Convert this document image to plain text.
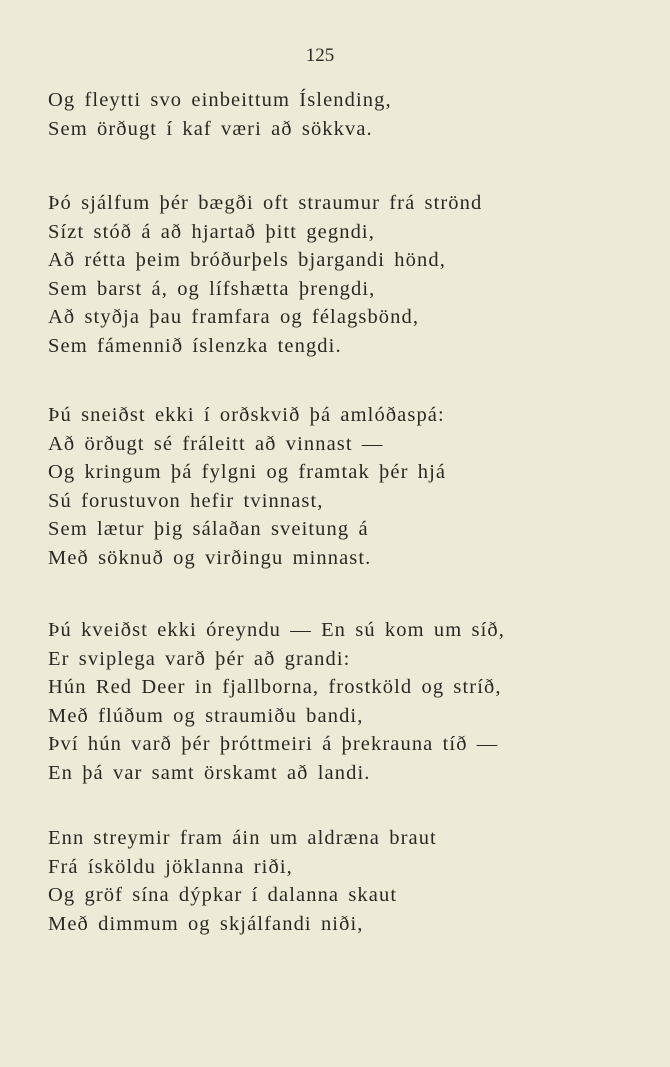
125
Og fleytti svo einbeittum Íslending,
Sem örðugt í kaf væri að sökkva.
Þó sjálfum þér bægði oft straumur frá strönd
Sízt stóð á að hjartað þitt gegndi,
Að rétta þeim bróðurþels bjargandi hönd,
Sem barst á, og lífshætta þrengdi,
Að styðja þau framfara og félagsbönd,
Sem fámennið íslenzka tengdi.
Þú sneiðst ekki í orðskvið þá amlóðaspá:
Að örðugt sé fráleitt að vinnast —
Og kringum þá fylgni og framtak þér hjá
Sú forustuvon hefir tvinnast,
Sem lætur þig sálaðan sveitung á
Með söknuð og virðingu minnast.
Þú kveiðst ekki óreyndu — En sú kom um síð,
Er sviplega varð þér að grandi:
Hún Red Deer in fjallborna, frostköld og stríð,
Með flúðum og straumiðu bandi,
Því hún varð þér þróttmeiri á þrekrauna tíð —
En þá var samt örskamt að landi.
Enn streymir fram áin um aldræna braut
Frá ísköldu jöklanna riði,
Og gröf sína dýpkar í dalanna skaut
Með dimmum og skjálfandi niði,
